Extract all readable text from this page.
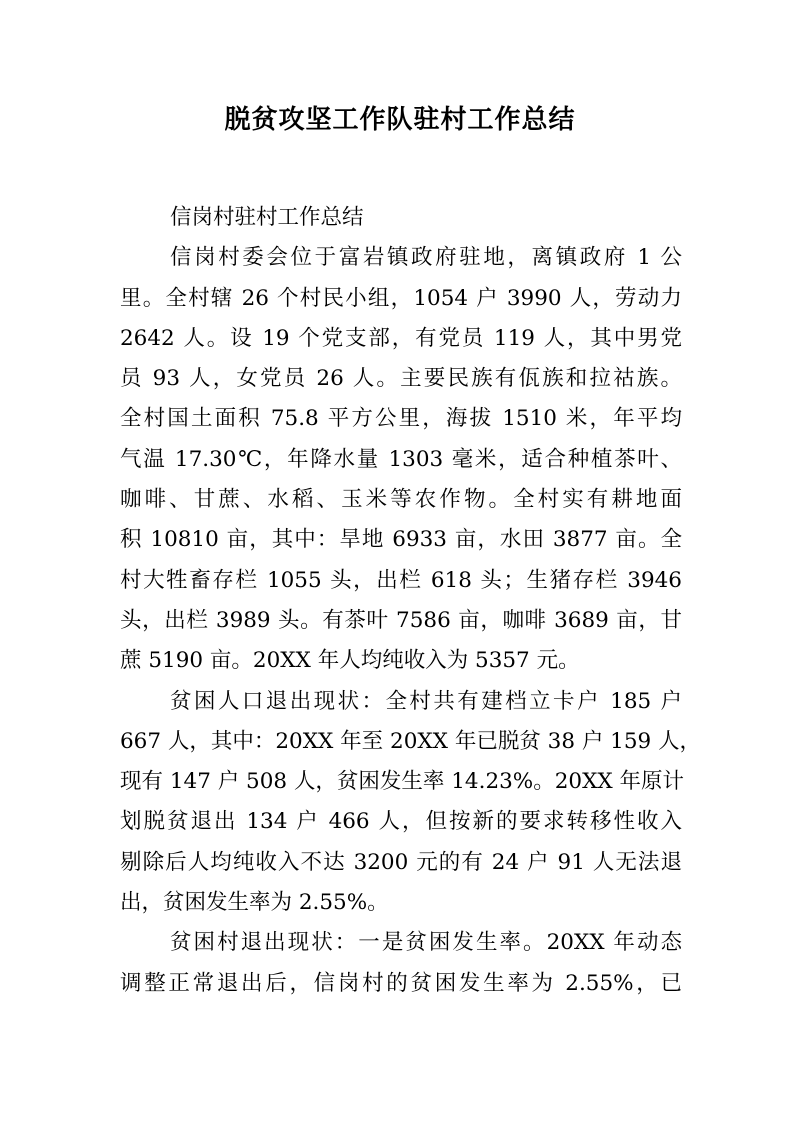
脱贫攻坚工作队驻村工作总结
信岗村驻村工作总结
信岗村委会位于富岩镇政府驻地，离镇政府 1 公
里。全村辖 26 个村民小组，1054 户 3990 人，劳动力
2642 人。设 19 个党支部，有党员 119 人，其中男党
员 93 人，女党员 26 人。主要民族有佤族和拉祜族。
全村国土面积 75.8 平方公里，海拔 1510 米，年平均
气温 17.30℃，年降水量 1303 毫米，适合种植茶叶、
咖啡、甘蔗、水稻、玉米等农作物。全村实有耕地面
积 10810 亩，其中：旱地 6933 亩，水田 3877 亩。全
村大牲畜存栏 1055 头，出栏 618 头；生猪存栏 3946
头，出栏 3989 头。有茶叶 7586 亩，咖啡 3689 亩，甘
蔗 5190 亩。20XX 年人均纯收入为 5357 元。
贫困人口退出现状：全村共有建档立卡户 185 户
667 人，其中：20XX 年至 20XX 年已脱贫 38 户 159 人，
现有 147 户 508 人，贫困发生率 14.23%。20XX 年原计
划脱贫退出 134 户 466 人，但按新的要求转移性收入
剔除后人均纯收入不达 3200 元的有 24 户 91 人无法退
出，贫困发生率为 2.55%。
贫困村退出现状：一是贫困发生率。20XX 年动态
调整正常退出后，信岗村的贫困发生率为 2.55%，已
